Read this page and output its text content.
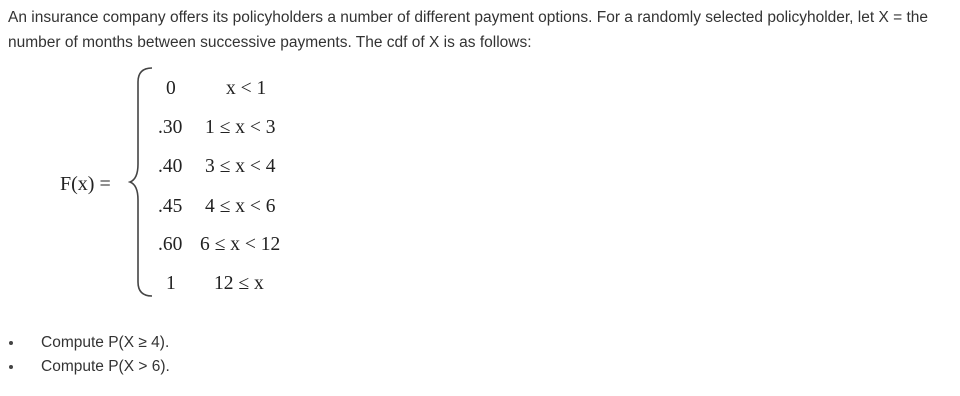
An insurance company offers its policyholders a number of different payment options. For a randomly selected policyholder, let X = the number of months between successive payments. The cdf of X is as follows:
F(x) =
0	x < 1
.30 1 ≤ x < 3
.40 3 ≤ x < 4
.45 4 ≤ x < 6
.60 6 ≤ x < 12
1 12 ≤ x
Compute P(X ≥ 4).
Compute P(X > 6).
